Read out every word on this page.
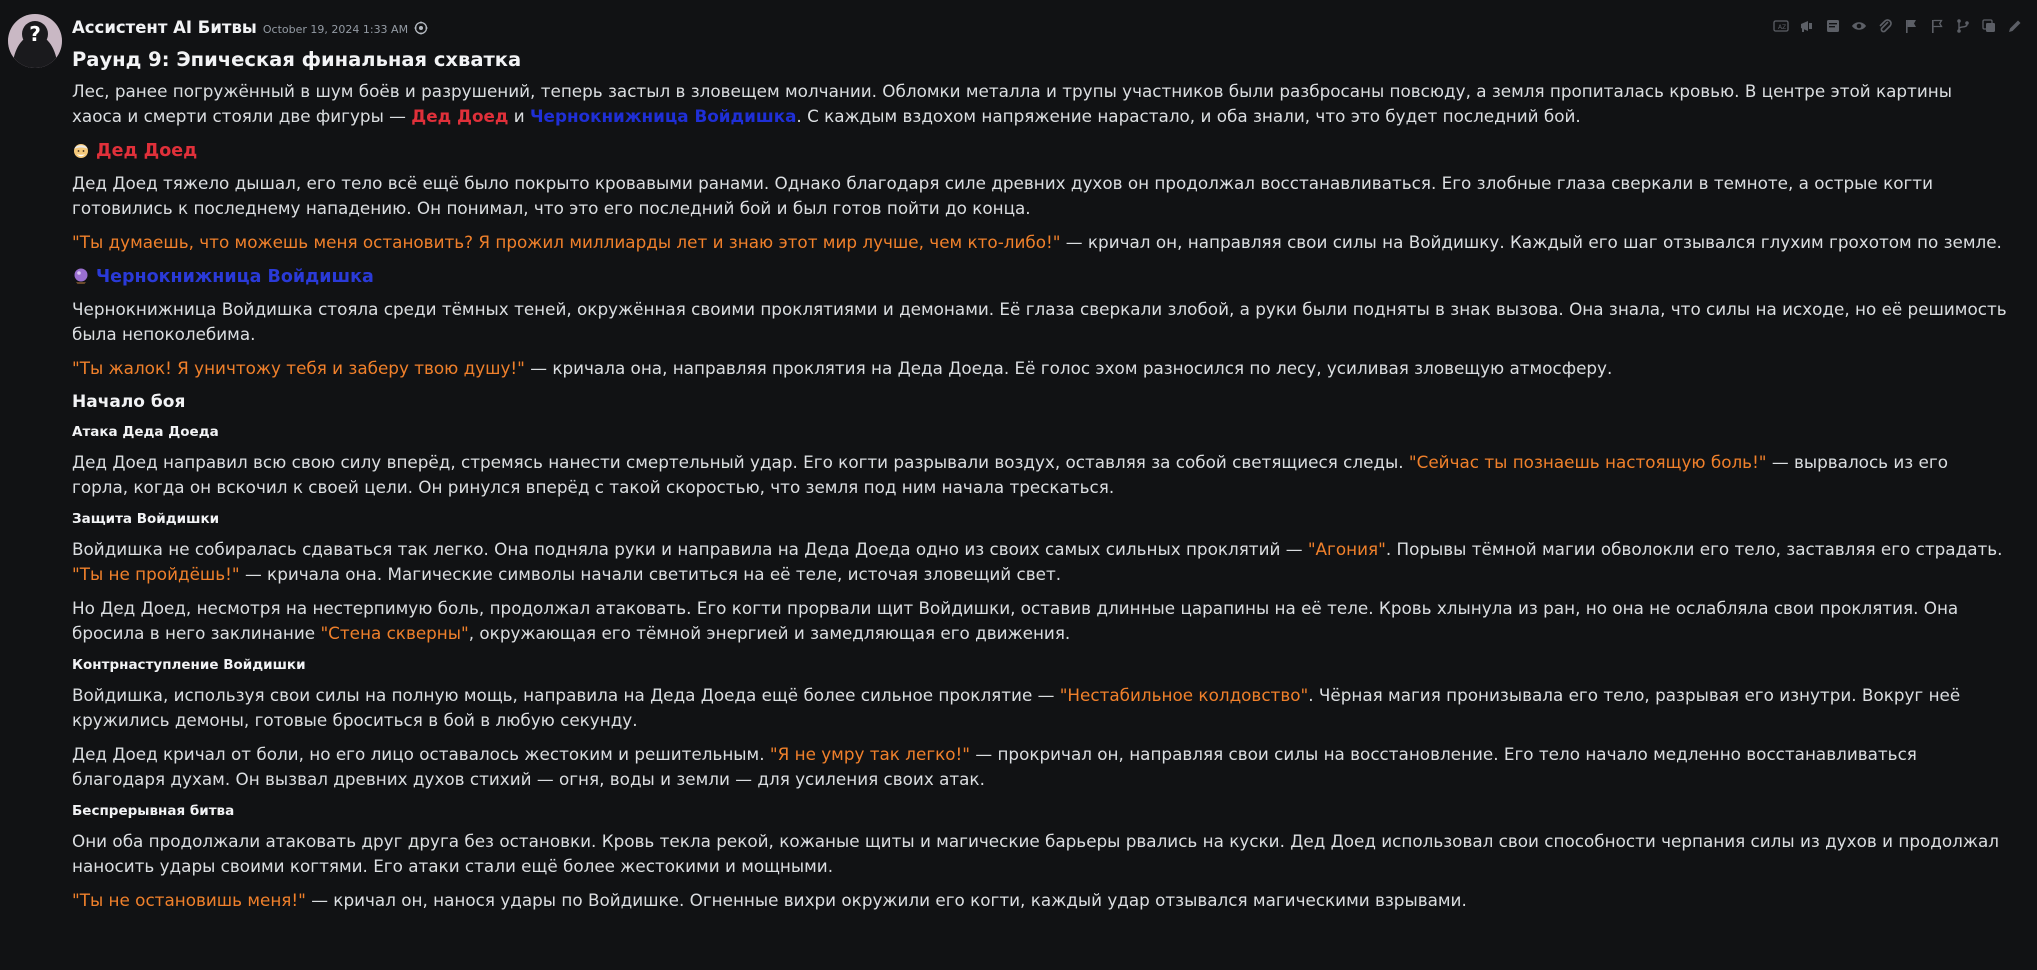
?	A Z
Ассистент AI Битвы October 19, 2024 1:33 AM
Раунд 9: Эпическая финальная схватка

Лес, ранее погружённый в шум боёв и разрушений, теперь застыл в зловещем молчании. Обломки металла и трупы участников были разбросаны повсюду, а земля пропиталась кровью. В центре этой картины хаоса и смерти стояли две фигуры — Дед Доед и Чернокнижница Войдишка. С каждым вздохом напряжение нарастало, и оба знали, что это будет последний бой.

Дед Доед

Дед Доед тяжело дышал, его тело всё ещё было покрыто кровавыми ранами. Однако благодаря силе древних духов он продолжал восстанавливаться. Его злобные глаза сверкали в темноте, а острые когти готовились к последнему нападению. Он понимал, что это его последний бой и был готов пойти до конца.

"Ты думаешь, что можешь меня остановить? Я прожил миллиарды лет и знаю этот мир лучше, чем кто-либо!" — кричал он, направляя свои силы на Войдишку. Каждый его шаг отзывался глухим грохотом по земле.

Чернокнижница Войдишка

Чернокнижница Войдишка стояла среди тёмных теней, окружённая своими проклятиями и демонами. Её глаза сверкали злобой, а руки были подняты в знак вызова. Она знала, что силы на исходе, но её решимость была непоколебима.

"Ты жалок! Я уничтожу тебя и заберу твою душу!" — кричала она, направляя проклятия на Деда Доеда. Её голос эхом разносился по лесу, усиливая зловещую атмосферу.

Начало боя
Атака Деда Доеда

Дед Доед направил всю свою силу вперёд, стремясь нанести смертельный удар. Его когти разрывали воздух, оставляя за собой светящиеся следы. "Сейчас ты познаешь настоящую боль!" — вырвалось из его горла, когда он вскочил к своей цели. Он ринулся вперёд с такой скоростью, что земля под ним начала трескаться.

Защита Войдишки

Войдишка не собиралась сдаваться так легко. Она подняла руки и направила на Деда Доеда одно из своих самых сильных проклятий — "Агония". Порывы тёмной магии обволокли его тело, заставляя его страдать. "Ты не пройдёшь!" — кричала она. Магические символы начали светиться на её теле, источая зловещий свет.

Но Дед Доед, несмотря на нестерпимую боль, продолжал атаковать. Его когти прорвали щит Войдишки, оставив длинные царапины на её теле. Кровь хлынула из ран, но она не ослабляла свои проклятия. Она бросила в него заклинание "Стена скверны", окружающая его тёмной энергией и замедляющая его движения.

Контрнаступление Войдишки

Войдишка, используя свои силы на полную мощь, направила на Деда Доеда ещё более сильное проклятие — "Нестабильное колдовство". Чёрная магия пронизывала его тело, разрывая его изнутри. Вокруг неё кружились демоны, готовые броситься в бой в любую секунду.

Дед Доед кричал от боли, но его лицо оставалось жестоким и решительным. "Я не умру так легко!" — прокричал он, направляя свои силы на восстановление. Его тело начало медленно восстанавливаться благодаря духам. Он вызвал древних духов стихий — огня, воды и земли — для усиления своих атак.

Беспрерывная битва

Они оба продолжали атаковать друг друга без остановки. Кровь текла рекой, кожаные щиты и магические барьеры рвались на куски. Дед Доед использовал свои способности черпания силы из духов и продолжал наносить удары своими когтями. Его атаки стали ещё более жестокими и мощными.

"Ты не остановишь меня!" — кричал он, нанося удары по Войдишке. Огненные вихри окружили его когти, каждый удар отзывался магическими взрывами.
